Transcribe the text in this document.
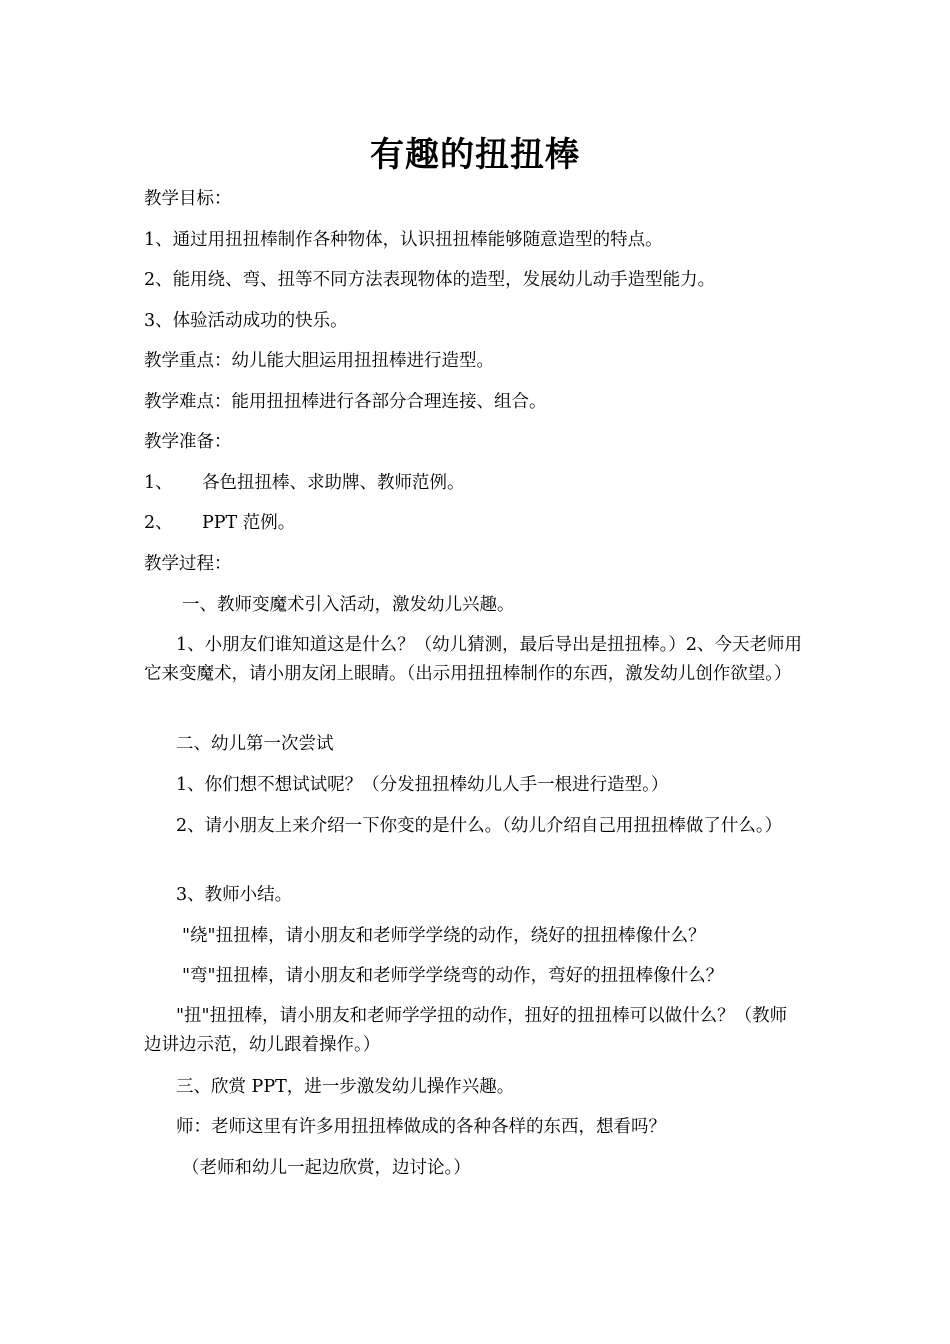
有趣的扭扭棒
教学目标：
1、通过用扭扭棒制作各种物体，认识扭扭棒能够随意造型的特点。
2、能用绕、弯、扭等不同方法表现物体的造型，发展幼儿动手造型能力。
3、体验活动成功的快乐。
教学重点：幼儿能大胆运用扭扭棒进行造型。
教学难点：能用扭扭棒进行各部分合理连接、组合。
教学准备：
1、 各色扭扭棒、求助牌、教师范例。
2、 PPT 范例。
教学过程：
一、教师变魔术引入活动，激发幼儿兴趣。
1、小朋友们谁知道这是什么？（幼儿猜测，最后导出是扭扭棒。）2、今天老师用它来变魔术，请小朋友闭上眼睛。（出示用扭扭棒制作的东西，激发幼儿创作欲望。）
二、幼儿第一次尝试
1、你们想不想试试呢？（分发扭扭棒幼儿人手一根进行造型。）
2、请小朋友上来介绍一下你变的是什么。（幼儿介绍自己用扭扭棒做了什么。）
3、教师小结。
"绕"扭扭棒，请小朋友和老师学学绕的动作，绕好的扭扭棒像什么？
"弯"扭扭棒，请小朋友和老师学学绕弯的动作，弯好的扭扭棒像什么？
"扭"扭扭棒，请小朋友和老师学学扭的动作，扭好的扭扭棒可以做什么？（教师边讲边示范，幼儿跟着操作。）
三、欣赏 PPT，进一步激发幼儿操作兴趣。
师：老师这里有许多用扭扭棒做成的各种各样的东西，想看吗？
（老师和幼儿一起边欣赏，边讨论。）
